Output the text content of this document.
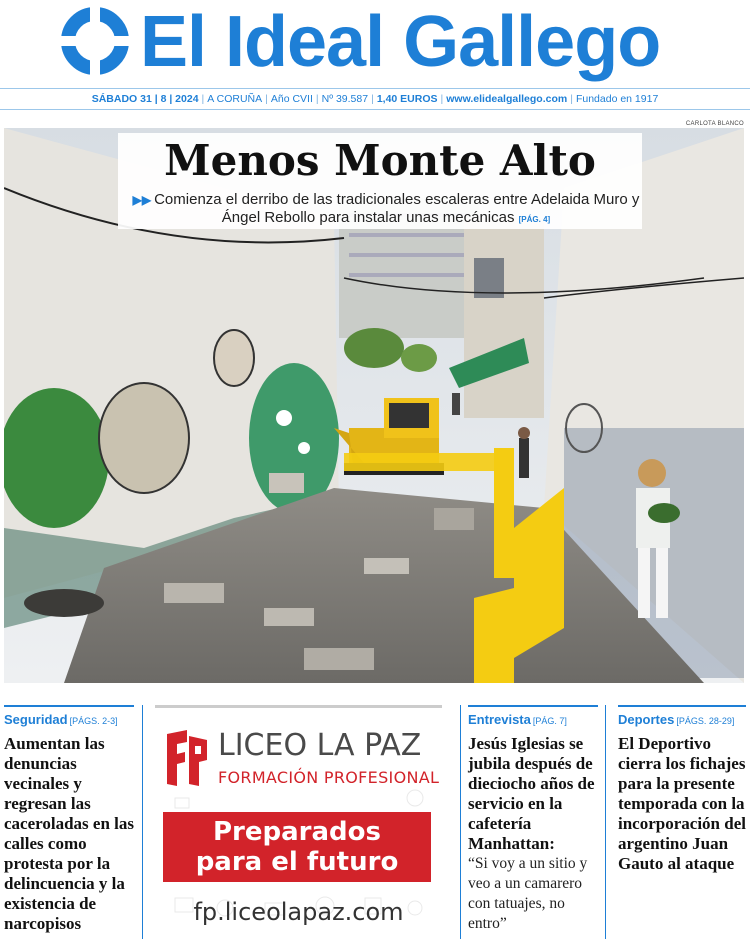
El Ideal Gallego
SÁBADO 31 | 8 | 2024 | A CORUÑA | Año CVII | Nº 39.587 | 1,40 EUROS | www.elidealgallego.com | Fundado en 1917
CARLOTA BLANCO
Menos Monte Alto
▶▶ Comienza el derribo de las tradicionales escaleras entre Adelaida Muro y Ángel Rebollo para instalar unas mecánicas [PÁG. 4]
Seguridad [PÁGS. 2-3]
Aumentan las denuncias vecinales y regresan las caceroladas en las calles como protesta por la delincuencia y la existencia de narcopisos
LICEO LA PAZ
FORMACIÓN PROFESIONAL
Preparados
para el futuro
fp.liceolapaz.com
Entrevista [PÁG. 7]
Jesús Iglesias se jubila después de dieciocho años de servicio en la cafetería Manhattan:
“Si voy a un sitio y veo a un camarero con tatuajes, no entro”
Deportes [PÁGS. 28-29]
El Deportivo cierra los fichajes para la presente temporada con la incorporación del argentino Juan Gauto al ataque
